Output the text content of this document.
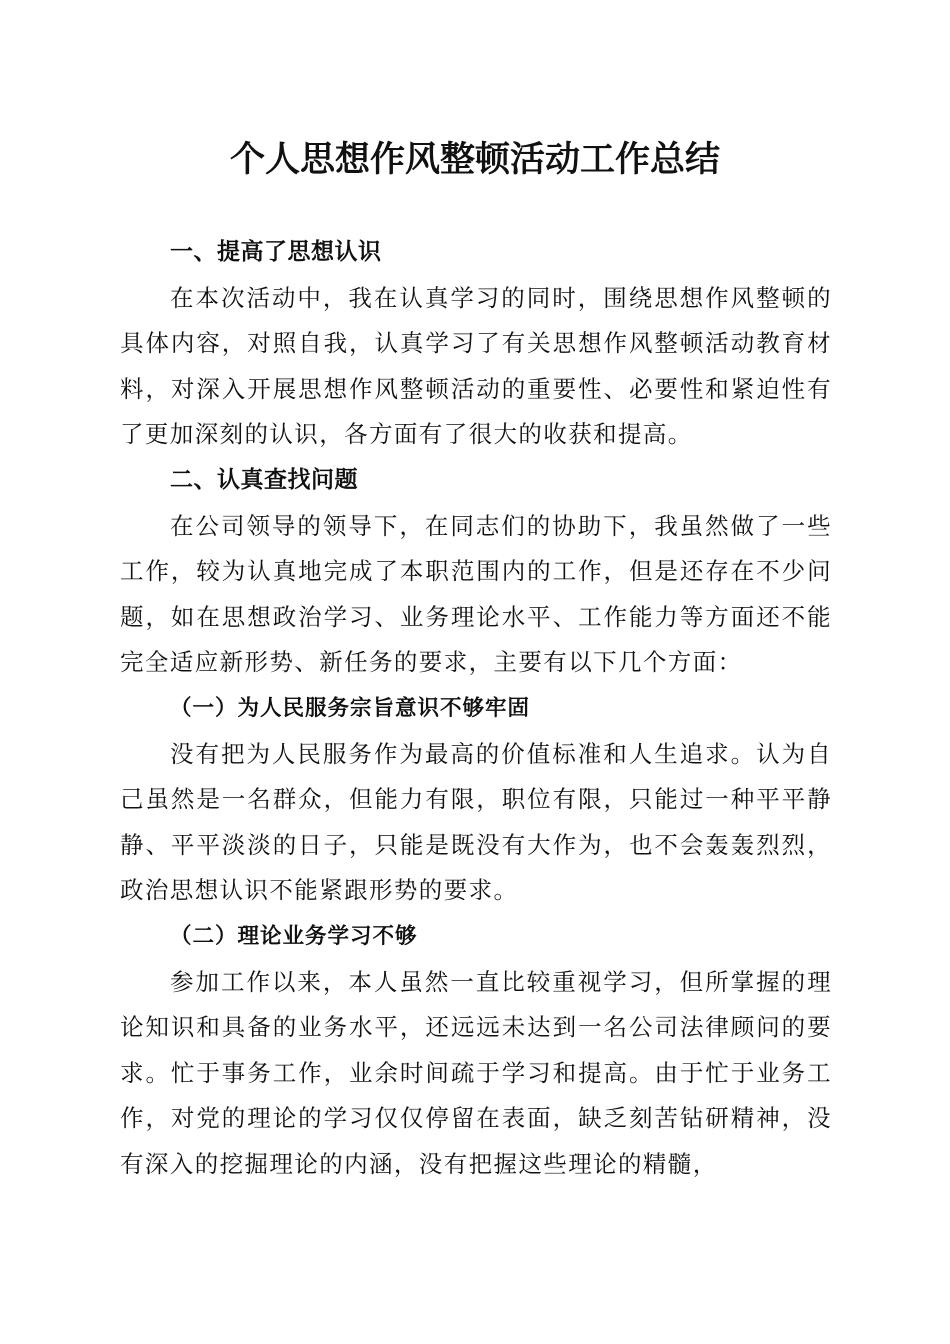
个人思想作风整顿活动工作总结

一、提高了思想认识

在本次活动中，我在认真学习的同时，围绕思想作风整顿的具体内容，对照自我，认真学习了有关思想作风整顿活动教育材料，对深入开展思想作风整顿活动的重要性、必要性和紧迫性有了更加深刻的认识，各方面有了很大的收获和提高。

二、认真查找问题

在公司领导的领导下，在同志们的协助下，我虽然做了一些工作，较为认真地完成了本职范围内的工作，但是还存在不少问题，如在思想政治学习、业务理论水平、工作能力等方面还不能完全适应新形势、新任务的要求，主要有以下几个方面：

（一）为人民服务宗旨意识不够牢固

没有把为人民服务作为最高的价值标准和人生追求。认为自己虽然是一名群众，但能力有限，职位有限，只能过一种平平静静、平平淡淡的日子，只能是既没有大作为，也不会轰轰烈烈，政治思想认识不能紧跟形势的要求。

（二）理论业务学习不够

参加工作以来，本人虽然一直比较重视学习，但所掌握的理论知识和具备的业务水平，还远远未达到一名公司法律顾问的要求。忙于事务工作，业余时间疏于学习和提高。由于忙于业务工作，对党的理论的学习仅仅停留在表面，缺乏刻苦钻研精神，没有深入的挖掘理论的内涵，没有把握这些理论的精髓，
